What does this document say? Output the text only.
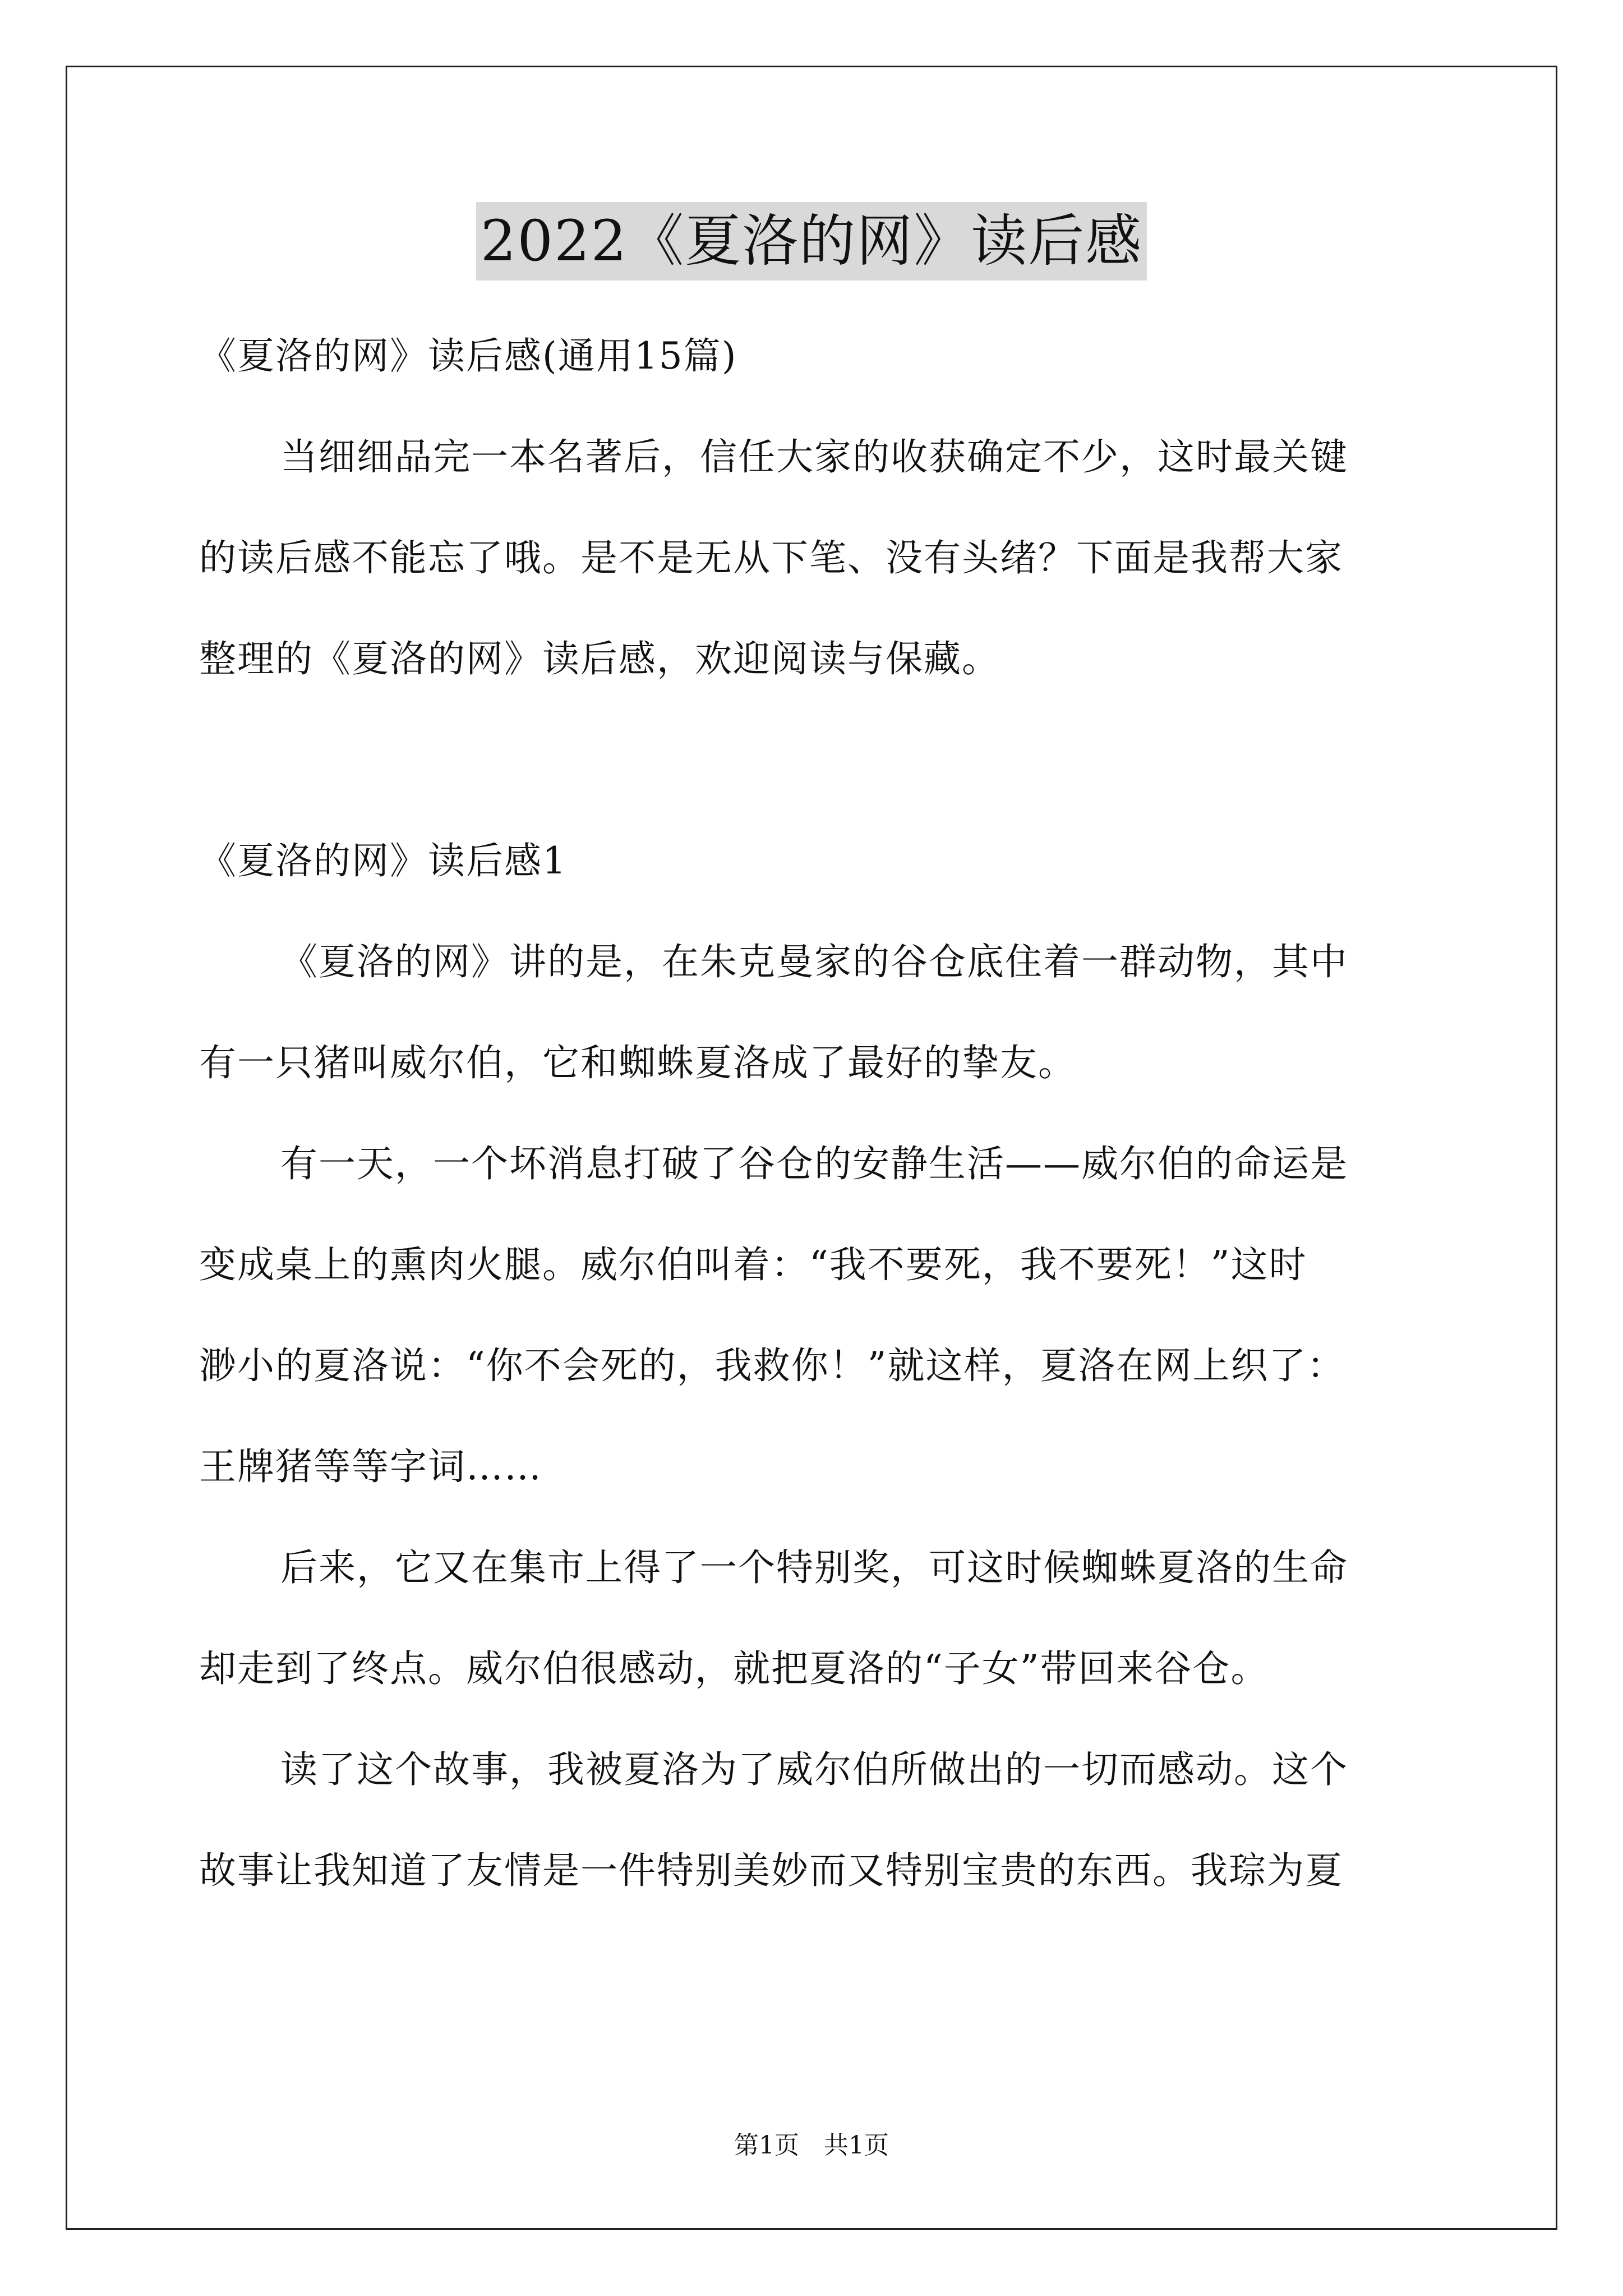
2022《夏洛的网》读后感
《夏洛的网》读后感(通用15篇)
当细细品完一本名著后，信任大家的收获确定不少，这时最关键
的读后感不能忘了哦。是不是无从下笔、没有头绪？下面是我帮大家
整理的《夏洛的网》读后感，欢迎阅读与保藏。
《夏洛的网》读后感1
《夏洛的网》讲的是，在朱克曼家的谷仓底住着一群动物，其中
有一只猪叫威尔伯，它和蜘蛛夏洛成了最好的挚友。
有一天，一个坏消息打破了谷仓的安静生活——威尔伯的命运是
变成桌上的熏肉火腿。威尔伯叫着：“我不要死，我不要死！”这时
渺小的夏洛说：“你不会死的，我救你！”就这样，夏洛在网上织了：
王牌猪等等字词……
后来，它又在集市上得了一个特别奖，可这时候蜘蛛夏洛的生命
却走到了终点。威尔伯很感动，就把夏洛的“子女”带回来谷仓。
读了这个故事，我被夏洛为了威尔伯所做出的一切而感动。这个
故事让我知道了友情是一件特别美妙而又特别宝贵的东西。我琮为夏
第1页　共1页
